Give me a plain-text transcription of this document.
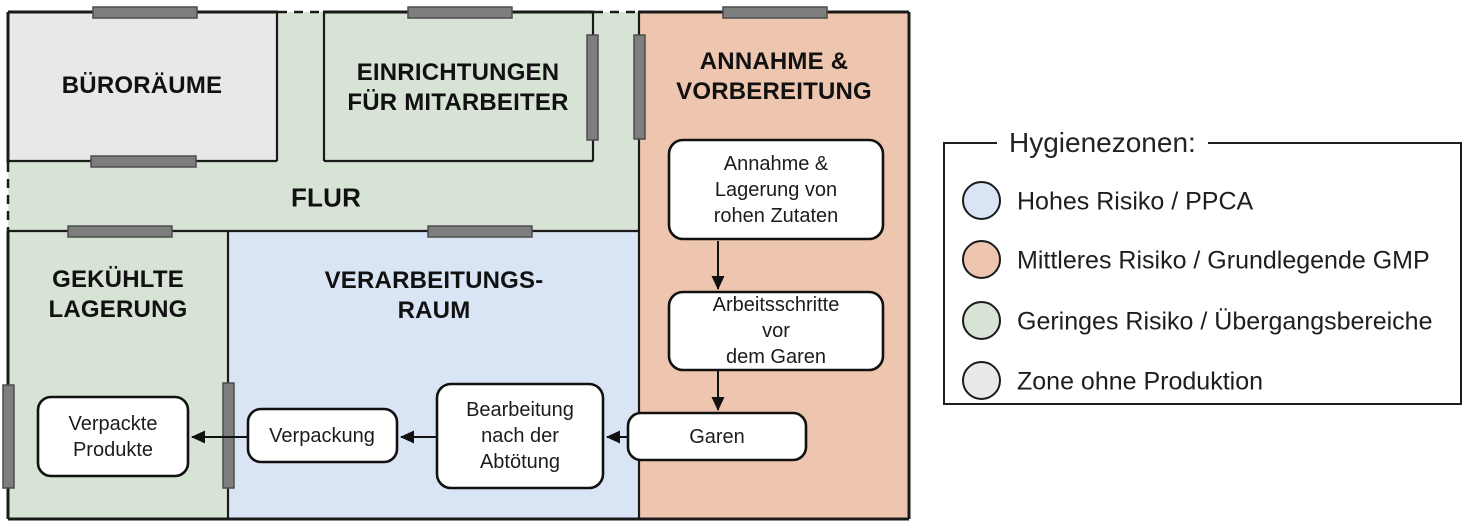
BÜRORÄUME	EINRICHTUNGEN
FÜR MITARBEITER
ANNAHME &
VORBEREITUNG
FLUR
GEKÜHLTE
LAGERUNG
VERARBEITUNGS-
RAUM
Annahme &
Lagerung von
rohen Zutaten
Arbeitsschritte vor
dem Garen
Garen
Bearbeitung
nach der
Abtötung
Verpackung
Verpackte
Produkte
Hygienezonen:
Hohes Risiko / PPCA
Mittleres Risiko / Grundlegende GMP
Geringes Risiko / Übergangsbereiche
Zone ohne Produktion
